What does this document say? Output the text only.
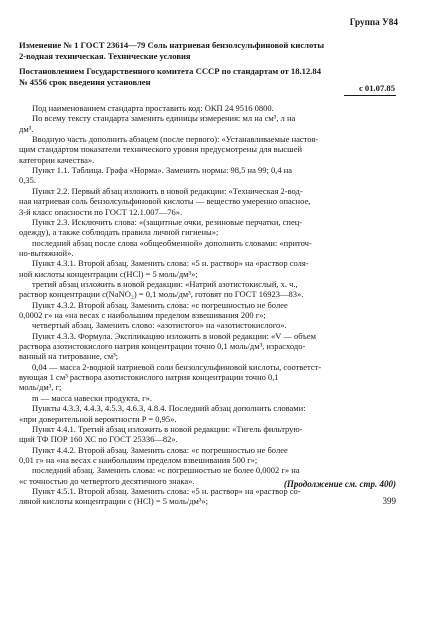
Группа У84
Изменение № 1 ГОСТ 23614—79 Соль натриевая бензолсульфиновой кислоты
2-водная техническая. Технические условия
Постановлением Государственного комитета СССР по стандартам от 18.12.84
№ 4556 срок введения установлен
с 01.07.85
Под наименованием стандарта проставить код: ОКП 24 9516 0800.
По всему тексту стандарта заменить единицы измерения: мл на см³, л на
дм³.
Вводную часть дополнить абзацем (после первого): «Устанавливаемые настоя-
щим стандартом показатели технического уровня предусмотрены для высшей
категории качества».
Пункт 1.1. Таблица. Графа «Норма». Заменить нормы: 98,5 на 99; 0,4 на
0,35.
Пункт 2.2. Первый абзац изложить в новой редакции: «Техническая 2-вод-
ная натриевая соль бензолсульфиновой кислоты — вещество умеренно опасное,
3-й класс опасности по ГОСТ 12.1.007—76».
Пункт 2.3. Исключить слова: «(защитные очки, резиновые перчатки, спец-
одежду), а также соблюдать правила личной гигиены»;
последний абзац после слова «общеобменной» дополнить словами: «приточ-
но-вытяжной».
Пункт 4.3.1. Второй абзац. Заменить слова: «5 н. раствор» на «раствор соля-
ной кислоты концентрации с(HCl) = 5 моль/дм³»;
третий абзац изложить в новой редакции: «Натрий азотистокислый, х. ч.,
раствор концентрации с(NaNO₂) = 0,1 моль/дм³, готовят по ГОСТ 16923—83».
Пункт 4.3.2. Второй абзац. Заменить слова: «с погрешностью не более
0,0002 г» на «на весах с наибольшим пределом взвешивания 200 г»;
четвертый абзац. Заменить слово: «азотистого» на «азотистокислого».
Пункт 4.3.3. Формула. Экспликацию изложить в новой редакции: «V — объем
раствора азотистокислого натрия концентрации точно 0,1 моль/дм³, израсходо-
ванный на титрование, см³;
0,04 — масса 2-водной натриевой соли бензолсульфиновой кислоты, соответст-
вующая 1 см³ раствора азотистокислого натрия концентрации точно 0,1
моль/дм³, г;
m — масса навески продукта, г».
Пункты 4.3.3, 4.4.3, 4.5.3, 4.6.3, 4.8.4. Последний абзац дополнить словами:
«при доверительной вероятности P = 0,95».
Пункт 4.4.1. Третий абзац изложить в новой редакции: «Тигель фильтрую-
щий ТФ ПОР 160 ХС по ГОСТ 25336—82».
Пункт 4.4.2. Второй абзац. Заменить слова: «с погрешностью не более
0,01 г» на «на весах с наибольшим пределом взвешивания 500 г»;
последний абзац. Заменить слова: «с погрешностью не более 0,0002 г» на
«с точностью до четвертого десятичного знака».
Пункт 4.5.1. Второй абзац. Заменить слова: «5 н. раствор» на «раствор со-
ляной кислоты концентрации с (HCl) = 5 моль/дм³»;
(Продолжение см. стр. 400)
399
